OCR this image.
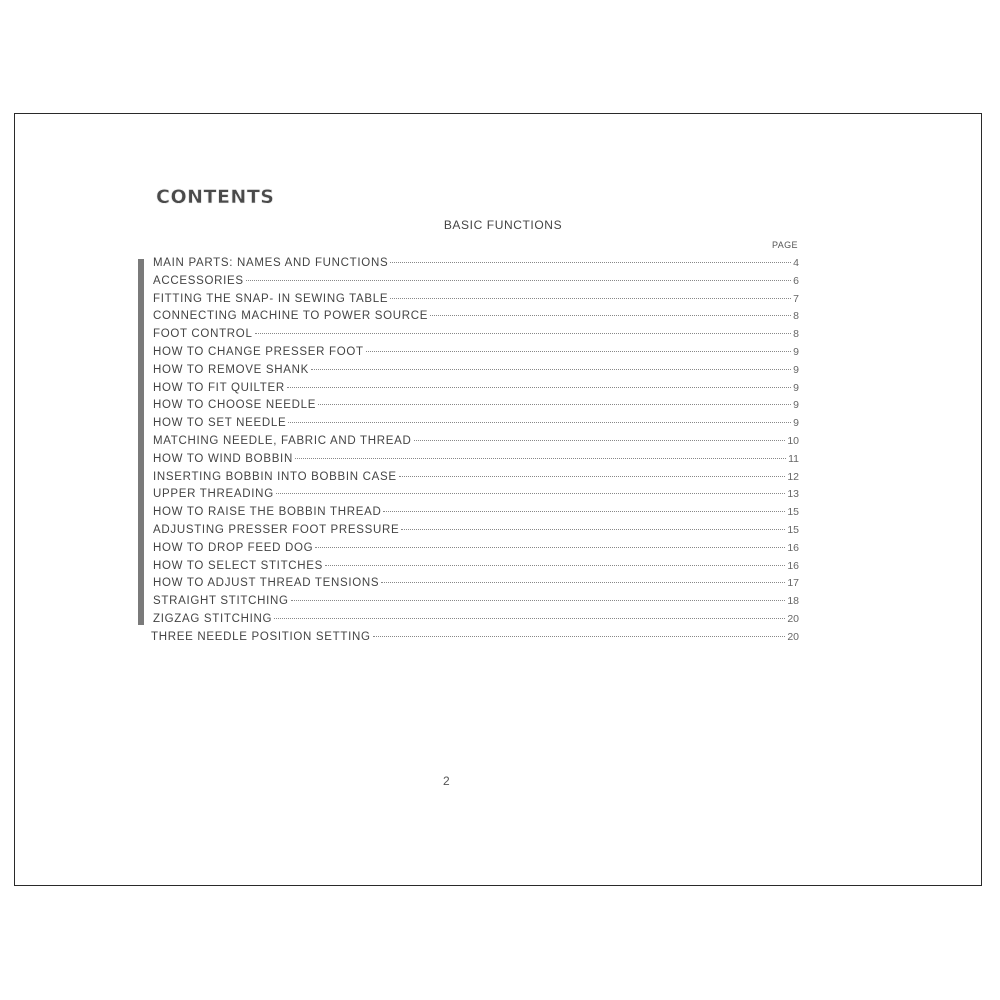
CONTENTS
BASIC FUNCTIONS
PAGE
MAIN PARTS: NAMES AND FUNCTIONS	4
ACCESSORIES	6
FITTING THE SNAP- IN SEWING TABLE	7
CONNECTING MACHINE TO POWER SOURCE	8
FOOT CONTROL	8
HOW TO CHANGE PRESSER FOOT	9
HOW TO REMOVE SHANK	9
HOW TO FIT QUILTER	9
HOW TO CHOOSE NEEDLE	9
HOW TO SET NEEDLE	9
MATCHING NEEDLE, FABRIC AND THREAD	10
HOW TO WIND BOBBIN	11
INSERTING BOBBIN INTO BOBBIN CASE	12
UPPER THREADING	13
HOW TO RAISE THE BOBBIN THREAD	15
ADJUSTING PRESSER FOOT PRESSURE	15
HOW TO DROP FEED DOG	16
HOW TO SELECT STITCHES	16
HOW TO ADJUST THREAD TENSIONS	17
STRAIGHT STITCHING	18
ZIGZAG STITCHING	20
THREE NEEDLE POSITION SETTING	20
2
